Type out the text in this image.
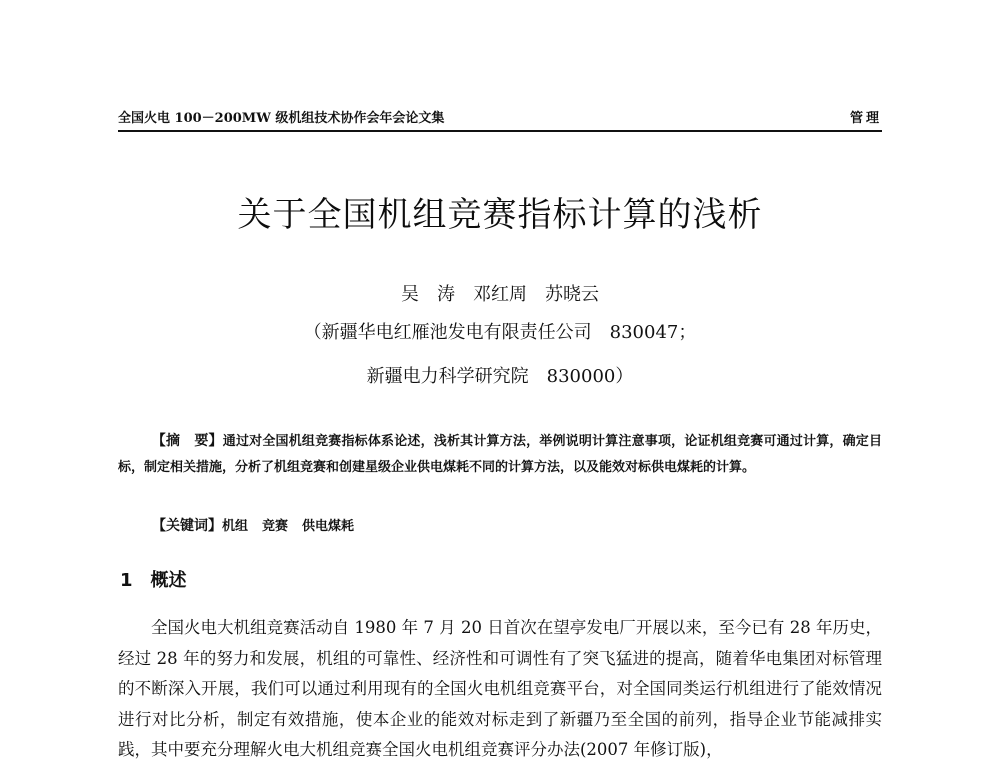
全国火电 100－200MW 级机组技术协作会年会论文集	管理
关于全国机组竞赛指标计算的浅析
吴　涛　邓红周　苏晓云
（新疆华电红雁池发电有限责任公司　830047；
新疆电力科学研究院　830000）
【摘　要】通过对全国机组竞赛指标体系论述，浅析其计算方法，举例说明计算注意事项，论证机组竞赛可通过计算，确定目标，制定相关措施，分析了机组竞赛和创建星级企业供电煤耗不同的计算方法，以及能效对标供电煤耗的计算。
【关键词】机组 竞赛 供电煤耗
1 概述
全国火电大机组竞赛活动自 1980 年 7 月 20 日首次在望亭发电厂开展以来，至今已有 28 年历史，经过 28 年的努力和发展，机组的可靠性、经济性和可调性有了突飞猛进的提高，随着华电集团对标管理的不断深入开展，我们可以通过利用现有的全国火电机组竞赛平台，对全国同类运行机组进行了能效情况进行对比分析，制定有效措施，使本企业的能效对标走到了新疆乃至全国的前列，指导企业节能减排实践，其中要充分理解火电大机组竞赛全国火电机组竞赛评分办法(2007 年修订版)，
